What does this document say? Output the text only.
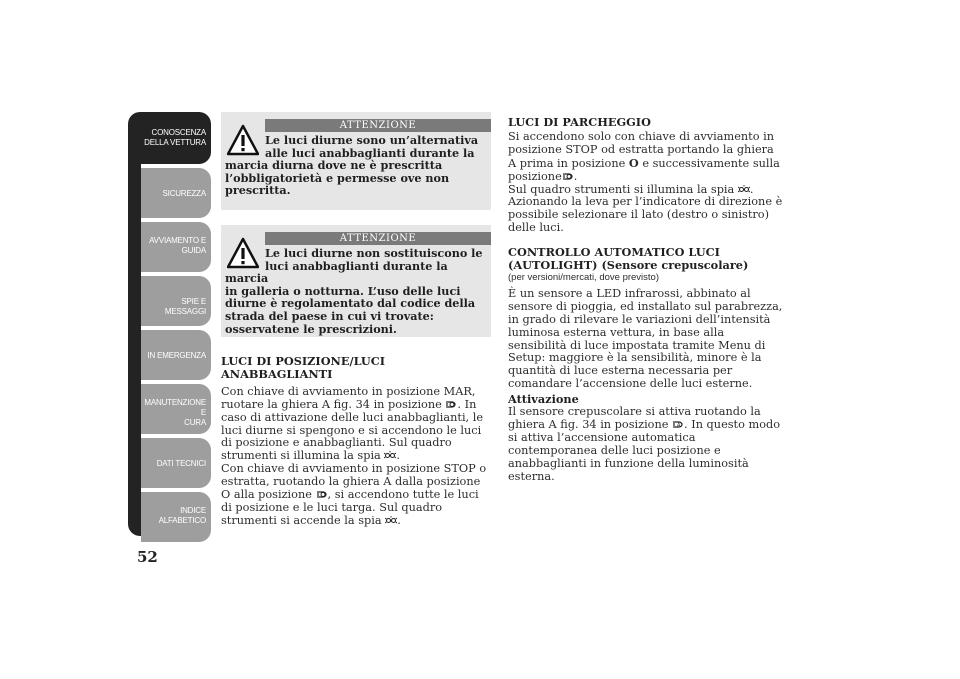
CONOSCENZA
DELLA VETTURA
SICUREZZA
AVVIAMENTO E
GUIDA
SPIE E MESSAGGI
IN EMERGENZA
MANUTENZIONE E
CURA
DATI TECNICI
INDICE
ALFABETICO
52
ATTENZIONE
Le luci diurne sono un’alternativa
alle luci anabbaglianti durante la
marcia diurna dove ne è prescritta
l’obbligatorietà e permesse ove non
prescritta.
ATTENZIONE
Le luci diurne non sostituiscono le
luci anabbaglianti durante la marcia
in galleria o notturna. L’uso delle luci
diurne è regolamentato dal codice della
strada del paese in cui vi trovate:
osservatene le prescrizioni.

LUCI DI POSIZIONE/LUCI ANABBAGLIANTI

Con chiave di avviamento in posizione MAR, ruotare la ghiera A fig. 34 in posizione . In caso di attivazione delle luci anabbaglianti, le luci diurne si spengono e si accendono le luci di posizione e anabbaglianti. Sul quadro strumenti si illumina la spia .

Con chiave di avviamento in posizione STOP o estratta, ruotando la ghiera A dalla posizione O alla posizione , si accendono tutte le luci di posizione e le luci targa. Sul quadro strumenti si accende la spia .

LUCI DI PARCHEGGIO

Si accendono solo con chiave di avviamento in posizione STOP od estratta portando la ghiera A prima in posizione O e successivamente sulla posizione .

Sul quadro strumenti si illumina la spia . Azionando la leva per l’indicatore di direzione è possibile selezionare il lato (destro o sinistro) delle luci.

CONTROLLO AUTOMATICO LUCI

(AUTOLIGHT) (Sensore crepuscolare)

(per versioni/mercati, dove previsto)

È un sensore a LED infrarossi, abbinato al sensore di pioggia, ed installato sul parabrezza, in grado di rilevare le variazioni dell’intensità luminosa esterna vettura, in base alla sensibilità di luce impostata tramite Menu di Setup: maggiore è la sensibilità, minore è la quantità di luce esterna necessaria per comandare l’accensione delle luci esterne.

Attivazione

Il sensore crepuscolare si attiva ruotando la ghiera A fig. 34 in posizione A . In questo modo si attiva l’accensione automatica contemporanea delle luci posizione e anabbaglianti in funzione della luminosità esterna.
